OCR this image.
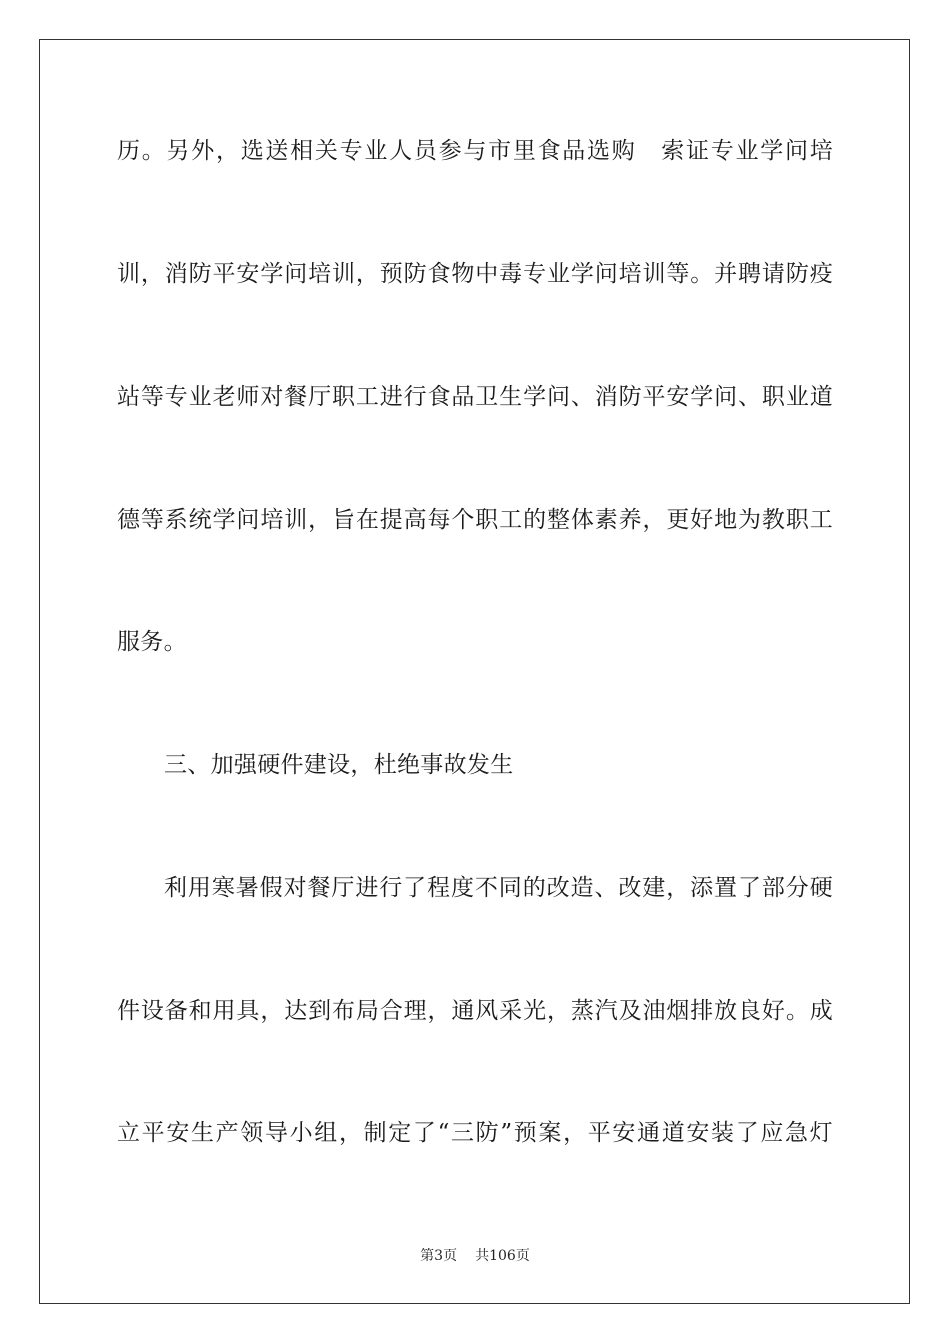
历。另外，选送相关专业人员参与市里食品选购　索证专业学问培
训，消防平安学问培训，预防食物中毒专业学问培训等。并聘请防疫
站等专业老师对餐厅职工进行食品卫生学问、消防平安学问、职业道
德等系统学问培训，旨在提高每个职工的整体素养，更好地为教职工
服务。
三、加强硬件建设，杜绝事故发生
利用寒暑假对餐厅进行了程度不同的改造、改建，添置了部分硬
件设备和用具，达到布局合理，通风采光，蒸汽及油烟排放良好。成
立平安生产领导小组，制定了“三防”预案，平安通道安装了应急灯
第3页 共106页
